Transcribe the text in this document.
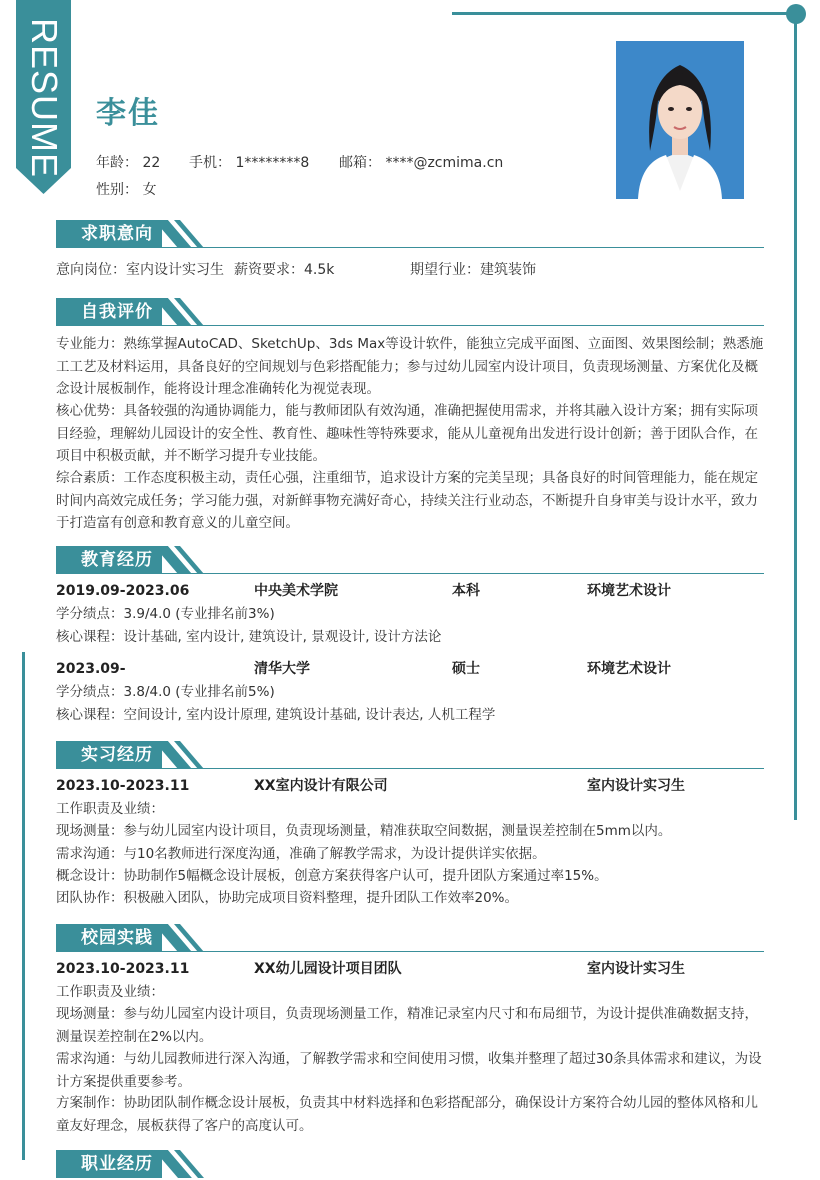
RESUME 李佳
年龄： 22 手机： 1********8 邮箱： ****@zcmima.cn
性别： 女
求职意向
意向岗位：室内设计实习生 薪资要求：4.5k	期望行业：建筑装饰
自我评价
专业能力：熟练掌握AutoCAD、SketchUp、3ds Max等设计软件，能独立完成平面图、立面图、效果图绘制；熟悉施工工艺及材料运用，具备良好的空间规划与色彩搭配能力；参与过幼儿园室内设计项目，负责现场测量、方案优化及概念设计展板制作，能将设计理念准确转化为视觉表现。
核心优势：具备较强的沟通协调能力，能与教师团队有效沟通，准确把握使用需求，并将其融入设计方案；拥有实际项目经验，理解幼儿园设计的安全性、教育性、趣味性等特殊要求，能从儿童视角出发进行设计创新；善于团队合作，在项目中积极贡献，并不断学习提升专业技能。
综合素质：工作态度积极主动，责任心强，注重细节，追求设计方案的完美呈现；具备良好的时间管理能力，能在规定时间内高效完成任务；学习能力强，对新鲜事物充满好奇心，持续关注行业动态，不断提升自身审美与设计水平，致力于打造富有创意和教育意义的儿童空间。
教育经历
2019.09-2023.06	中央美术学院	本科	环境艺术设计
学分绩点：3.9/4.0 (专业排名前3%)
核心课程：设计基础, 室内设计, 建筑设计, 景观设计, 设计方法论
2023.09-	清华大学	硕士	环境艺术设计
学分绩点：3.8/4.0 (专业排名前5%)
核心课程：空间设计, 室内设计原理, 建筑设计基础, 设计表达, 人机工程学
实习经历
2023.10-2023.11	XX室内设计有限公司	室内设计实习生
工作职责及业绩：
现场测量：参与幼儿园室内设计项目，负责现场测量，精准获取空间数据，测量误差控制在5mm以内。
需求沟通：与10名教师进行深度沟通，准确了解教学需求，为设计提供详实依据。
概念设计：协助制作5幅概念设计展板，创意方案获得客户认可，提升团队方案通过率15%。
团队协作：积极融入团队，协助完成项目资料整理，提升团队工作效率20%。
校园实践
2023.10-2023.11	XX幼儿园设计项目团队	室内设计实习生
工作职责及业绩：
现场测量：参与幼儿园室内设计项目，负责现场测量工作，精准记录室内尺寸和布局细节，为设计提供准确数据支持，测量误差控制在2%以内。
需求沟通：与幼儿园教师进行深入沟通，了解教学需求和空间使用习惯，收集并整理了超过30条具体需求和建议，为设计方案提供重要参考。
方案制作：协助团队制作概念设计展板，负责其中材料选择和色彩搭配部分，确保设计方案符合幼儿园的整体风格和儿童友好理念，展板获得了客户的高度认可。
职业经历
